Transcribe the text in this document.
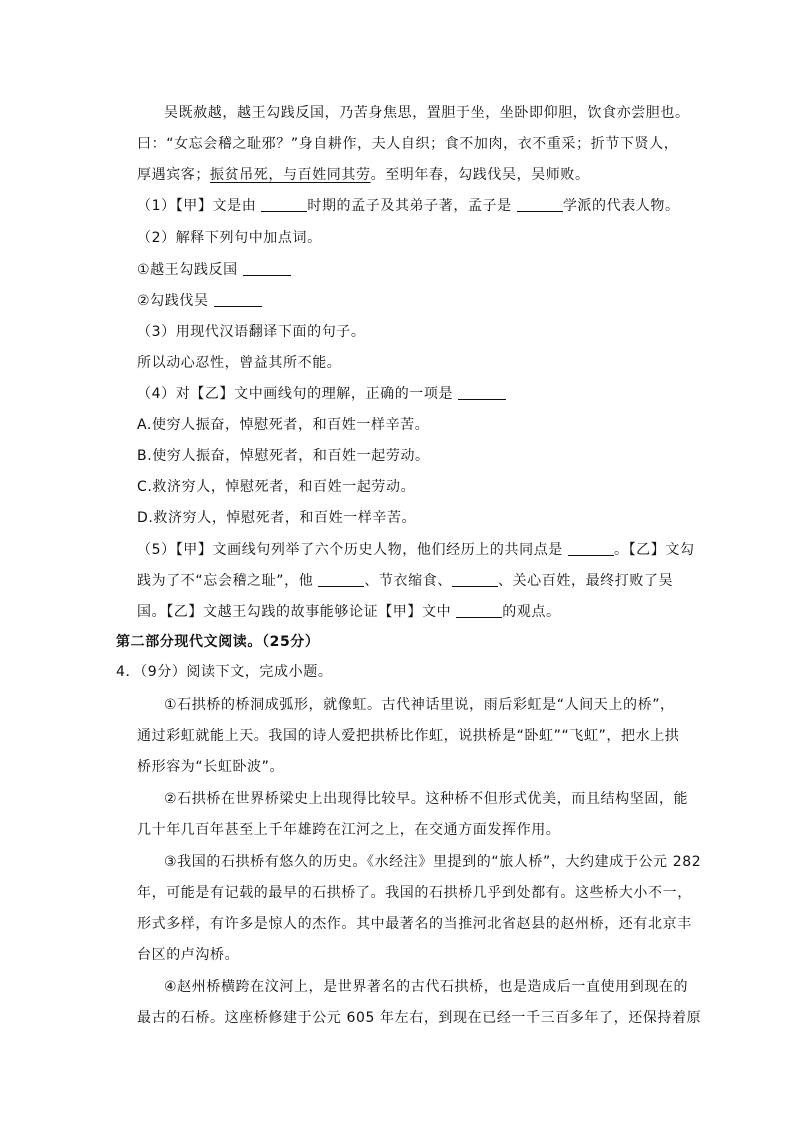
吴既赦越，越王勾践反国，乃苦身焦思，置胆于坐，坐卧即仰胆，饮食亦尝胆也。
曰：“女忘会稽之耻邪？”身自耕作，夫人自织；食不加肉，衣不重采；折节下贤人，
厚遇宾客；振贫吊死，与百姓同其劳。至明年春，勾践伐吴，吴师败。
（1）【甲】文是由	时期的孟子及其弟子著，孟子是	学派的代表人物。
（2）解释下列句中加点词。
①越王勾践反国
②勾践伐吴
（3）用现代汉语翻译下面的句子。
所以动心忍性，曾益其所不能。
（4）对【乙】文中画线句的理解，正确的一项是
A.使穷人振奋，悼慰死者，和百姓一样辛苦。
B.使穷人振奋，悼慰死者，和百姓一起劳动。
C.救济穷人，悼慰死者，和百姓一起劳动。
D.救济穷人，悼慰死者，和百姓一样辛苦。
（5）【甲】文画线句列举了六个历史人物，他们经历上的共同点是	。【乙】文勾
践为了不“忘会稽之耻”，他	、节衣缩食、	、关心百姓，最终打败了吴
国。【乙】文越王勾践的故事能够论证【甲】文中	的观点。
第二部分现代文阅读。（25分）
4．（9分）阅读下文，完成小题。
①石拱桥的桥洞成弧形，就像虹。古代神话里说，雨后彩虹是“人间天上的桥”，
通过彩虹就能上天。我国的诗人爱把拱桥比作虹，说拱桥是“卧虹”“飞虹”，把水上拱
桥形容为“长虹卧波”。
②石拱桥在世界桥梁史上出现得比较早。这种桥不但形式优美，而且结构坚固，能
几十年几百年甚至上千年雄跨在江河之上，在交通方面发挥作用。
③我国的石拱桥有悠久的历史。《水经注》里提到的“旅人桥”，大约建成于公元 282
年，可能是有记载的最早的石拱桥了。我国的石拱桥几乎到处都有。这些桥大小不一，
形式多样，有许多是惊人的杰作。其中最著名的当推河北省赵县的赵州桥，还有北京丰
台区的卢沟桥。
④赵州桥横跨在汶河上，是世界著名的古代石拱桥，也是造成后一直使用到现在的
最古的石桥。这座桥修建于公元 605 年左右，到现在已经一千三百多年了，还保持着原
